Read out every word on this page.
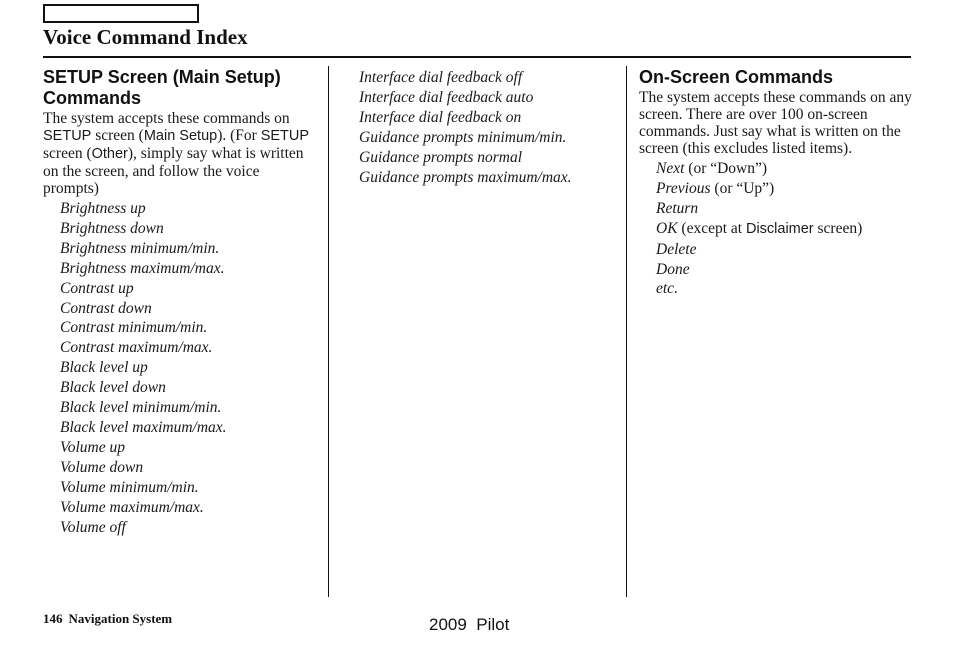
Voice Command Index
SETUP Screen (Main Setup) Commands

The system accepts these commands on SETUP screen (Main Setup). (For SETUP screen (Other), simply say what is written on the screen, and follow the voice prompts)

Brightness up
Brightness down
Brightness minimum/min.
Brightness maximum/max.
Contrast up
Contrast down
Contrast minimum/min.
Contrast maximum/max.
Black level up
Black level down
Black level minimum/min.
Black level maximum/max.
Volume up
Volume down
Volume minimum/min.
Volume maximum/max.
Volume off
Interface dial feedback off
Interface dial feedback auto
Interface dial feedback on
Guidance prompts minimum/min.
Guidance prompts normal
Guidance prompts maximum/max.
On-Screen Commands

The system accepts these commands on any screen. There are over 100 on-screen commands. Just say what is written on the screen (this excludes listed items).

Next (or “Down”)
Previous (or “Up”)
Return
OK (except at Disclaimer screen)
Delete
Done
etc.
146 Navigation System	2009  Pilot
